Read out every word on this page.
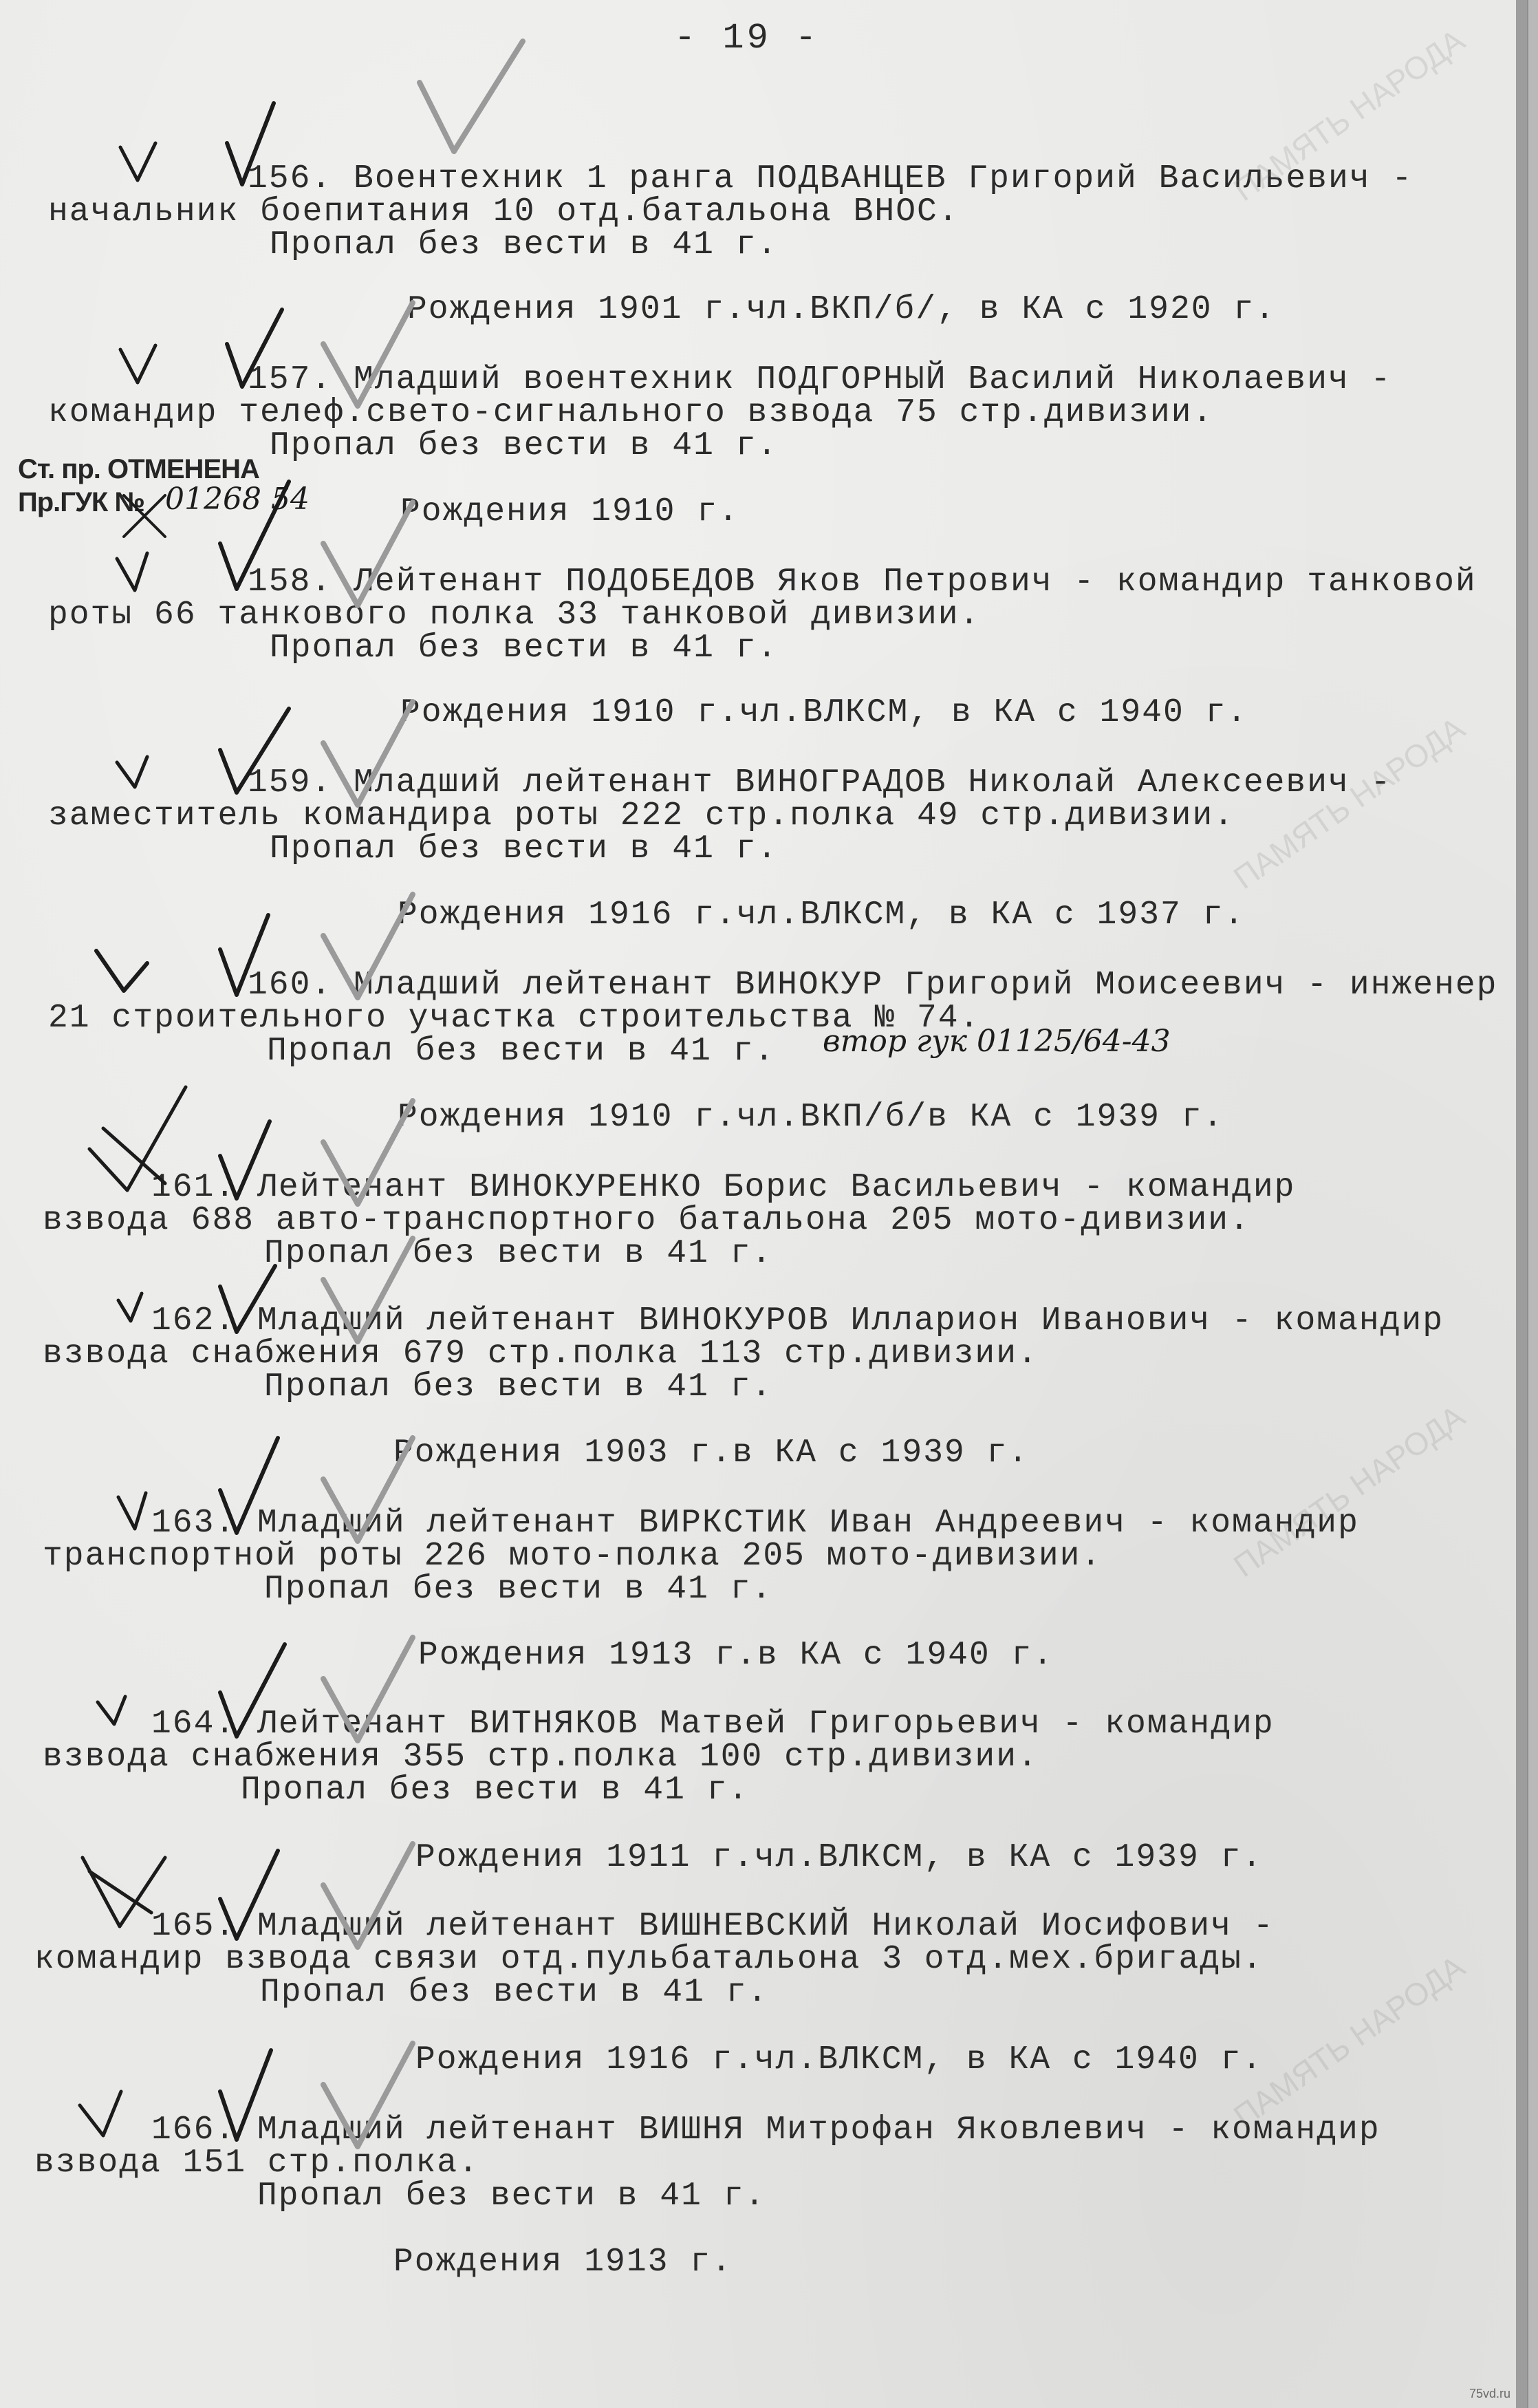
- 19 -
156. Воентехник 1 ранга ПОДВАНЦЕВ Григорий Васильевич -
начальник боепитания 10 отд.батальона ВНОС.
Пропал без вести в 41 г.
Рождения 1901 г.чл.ВКП/б/, в КА с 1920 г.
157. Младший воентехник ПОДГОРНЫЙ Василий Николаевич -
командир телеф.свето-сигнального взвода 75 стр.дивизии.
Пропал без вести в 41 г.
Рождения 1910 г.
158. Лейтенант ПОДОБЕДОВ Яков Петрович - командир танковой
роты 66 танкового полка 33 танковой дивизии.
Пропал без вести в 41 г.
Рождения 1910 г.чл.ВЛКСМ, в КА с 1940 г.
159. Младший лейтенант ВИНОГРАДОВ Николай Алексеевич -
заместитель командира роты 222 стр.полка 49 стр.дивизии.
Пропал без вести в 41 г.
Рождения 1916 г.чл.ВЛКСМ, в КА с 1937 г.
160. Младший лейтенант ВИНОКУР Григорий Моисеевич - инженер
21 строительного участка строительства № 74.
Пропал без вести в 41 г.
Рождения 1910 г.чл.ВКП/б/в КА с 1939 г.
161. Лейтенант ВИНОКУРЕНКО Борис Васильевич - командир
взвода 688 авто-транспортного батальона 205 мото-дивизии.
Пропал без вести в 41 г.
162. Младший лейтенант ВИНОКУРОВ Илларион Иванович - командир
взвода снабжения 679 стр.полка 113 стр.дивизии.
Пропал без вести в 41 г.
Рождения 1903 г.в КА с 1939 г.
163. Младший лейтенант ВИРКСТИК Иван Андреевич - командир
транспортной роты 226 мото-полка 205 мото-дивизии.
Пропал без вести в 41 г.
Рождения 1913 г.в КА с 1940 г.
164. Лейтенант ВИТНЯКОВ Матвей Григорьевич - командир
взвода снабжения 355 стр.полка 100 стр.дивизии.
Пропал без вести в 41 г.
Рождения 1911 г.чл.ВЛКСМ, в КА с 1939 г.
165. Младший лейтенант ВИШНЕВСКИЙ Николай Иосифович -
командир взвода связи отд.пульбатальона 3 отд.мех.бригады.
Пропал без вести в 41 г.
Рождения 1916 г.чл.ВЛКСМ, в КА с 1940 г.
166. Младший лейтенант ВИШНЯ Митрофан Яковлевич - командир
взвода 151 стр.полка.
Пропал без вести в 41 г.
Рождения 1913 г.
Ст. пр. ОТМЕНЕНА
Пр.ГУК № 01268 54
втор гук 01125/64-43
ПАМЯТЬ НАРОДА
ПАМЯТЬ НАРОДА
ПАМЯТЬ НАРОДА
ПАМЯТЬ НАРОДА
75vd.ru
